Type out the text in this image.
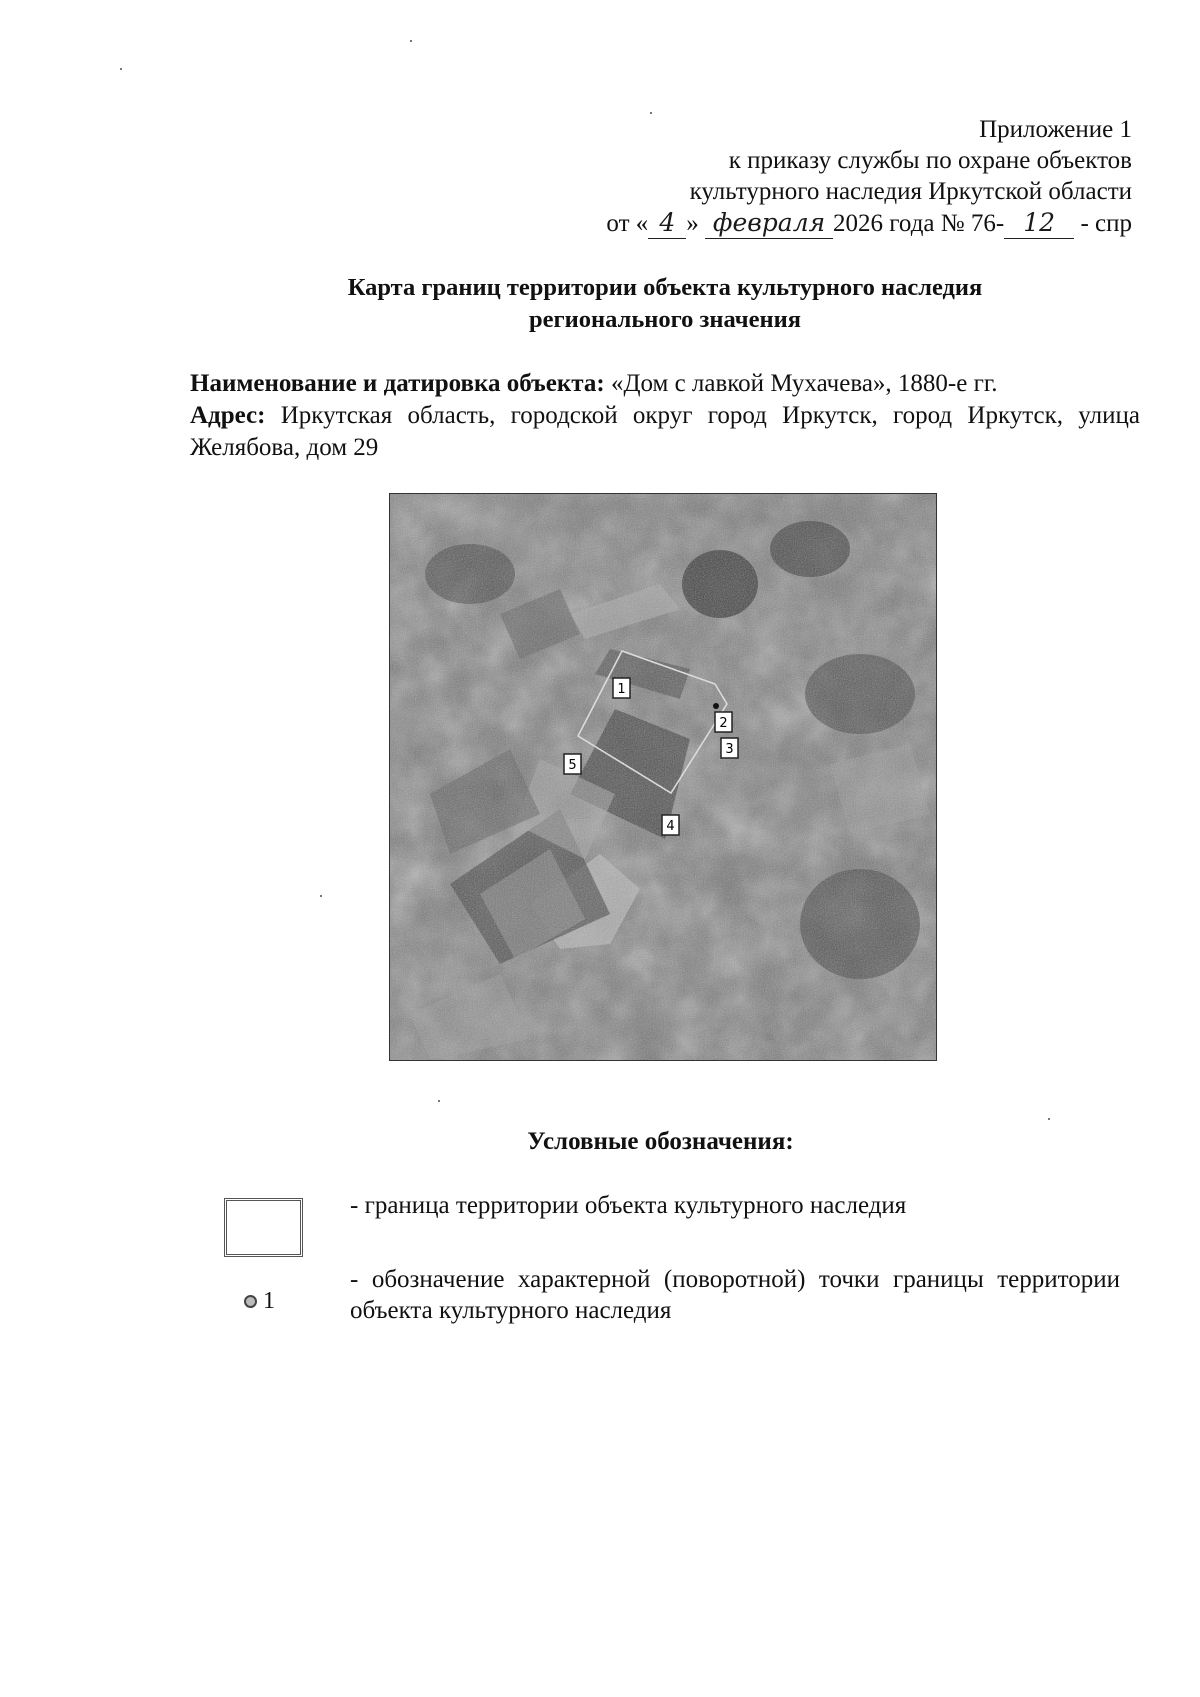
Приложение 1
к приказу службы по охране объектов
культурного наследия Иркутской области
от « 4 » февраля 2026 года № 76- 12 - спр
Карта границ территории объекта культурного наследия
регионального значения
Наименование и датировка объекта: «Дом с лавкой Мухачева», 1880-е гг.
Адрес: Иркутская область, городской округ город Иркутск, город Иркутск, улица Желябова, дом 29
1
2
3
4
5
Условные обозначения:
- граница территории объекта культурного наследия
1
- обозначение характерной (поворотной) точки границы территории объекта культурного наследия
